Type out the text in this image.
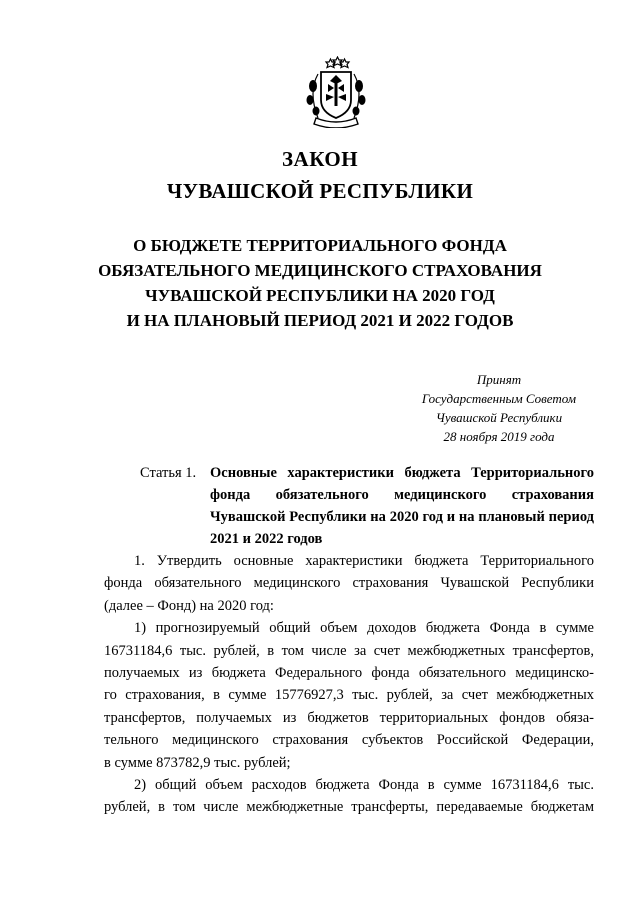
ЗАКОН
ЧУВАШСКОЙ РЕСПУБЛИКИ
О БЮДЖЕТЕ ТЕРРИТОРИАЛЬНОГО ФОНДА
ОБЯЗАТЕЛЬНОГО МЕДИЦИНСКОГО СТРАХОВАНИЯ
ЧУВАШСКОЙ РЕСПУБЛИКИ НА 2020 ГОД
И НА ПЛАНОВЫЙ ПЕРИОД 2021 И 2022 ГОДОВ
Принят
Государственным Советом
Чувашской Республики
28 ноября 2019 года
Статья 1. Основные характеристики бюджета Территориального фонда обязательного медицинского страхования Чувашской Республики на 2020 год и на плановый период 2021 и 2022 годов
1. Утвердить основные характеристики бюджета Территориального
фонда обязательного медицинского страхования Чувашской Республики
(далее – Фонд) на 2020 год:
1) прогнозируемый общий объем доходов бюджета Фонда в сумме
16731184,6 тыс. рублей, в том числе за счет межбюджетных трансфертов,
получаемых из бюджета Федерального фонда обязательного медицинско-
го страхования, в сумме 15776927,3 тыс. рублей, за счет межбюджетных
трансфертов, получаемых из бюджетов территориальных фондов обяза-
тельного медицинского страхования субъектов Российской Федерации,
в сумме 873782,9 тыс. рублей;
2) общий объем расходов бюджета Фонда в сумме 16731184,6 тыс.
рублей, в том числе межбюджетные трансферты, передаваемые бюджетам
